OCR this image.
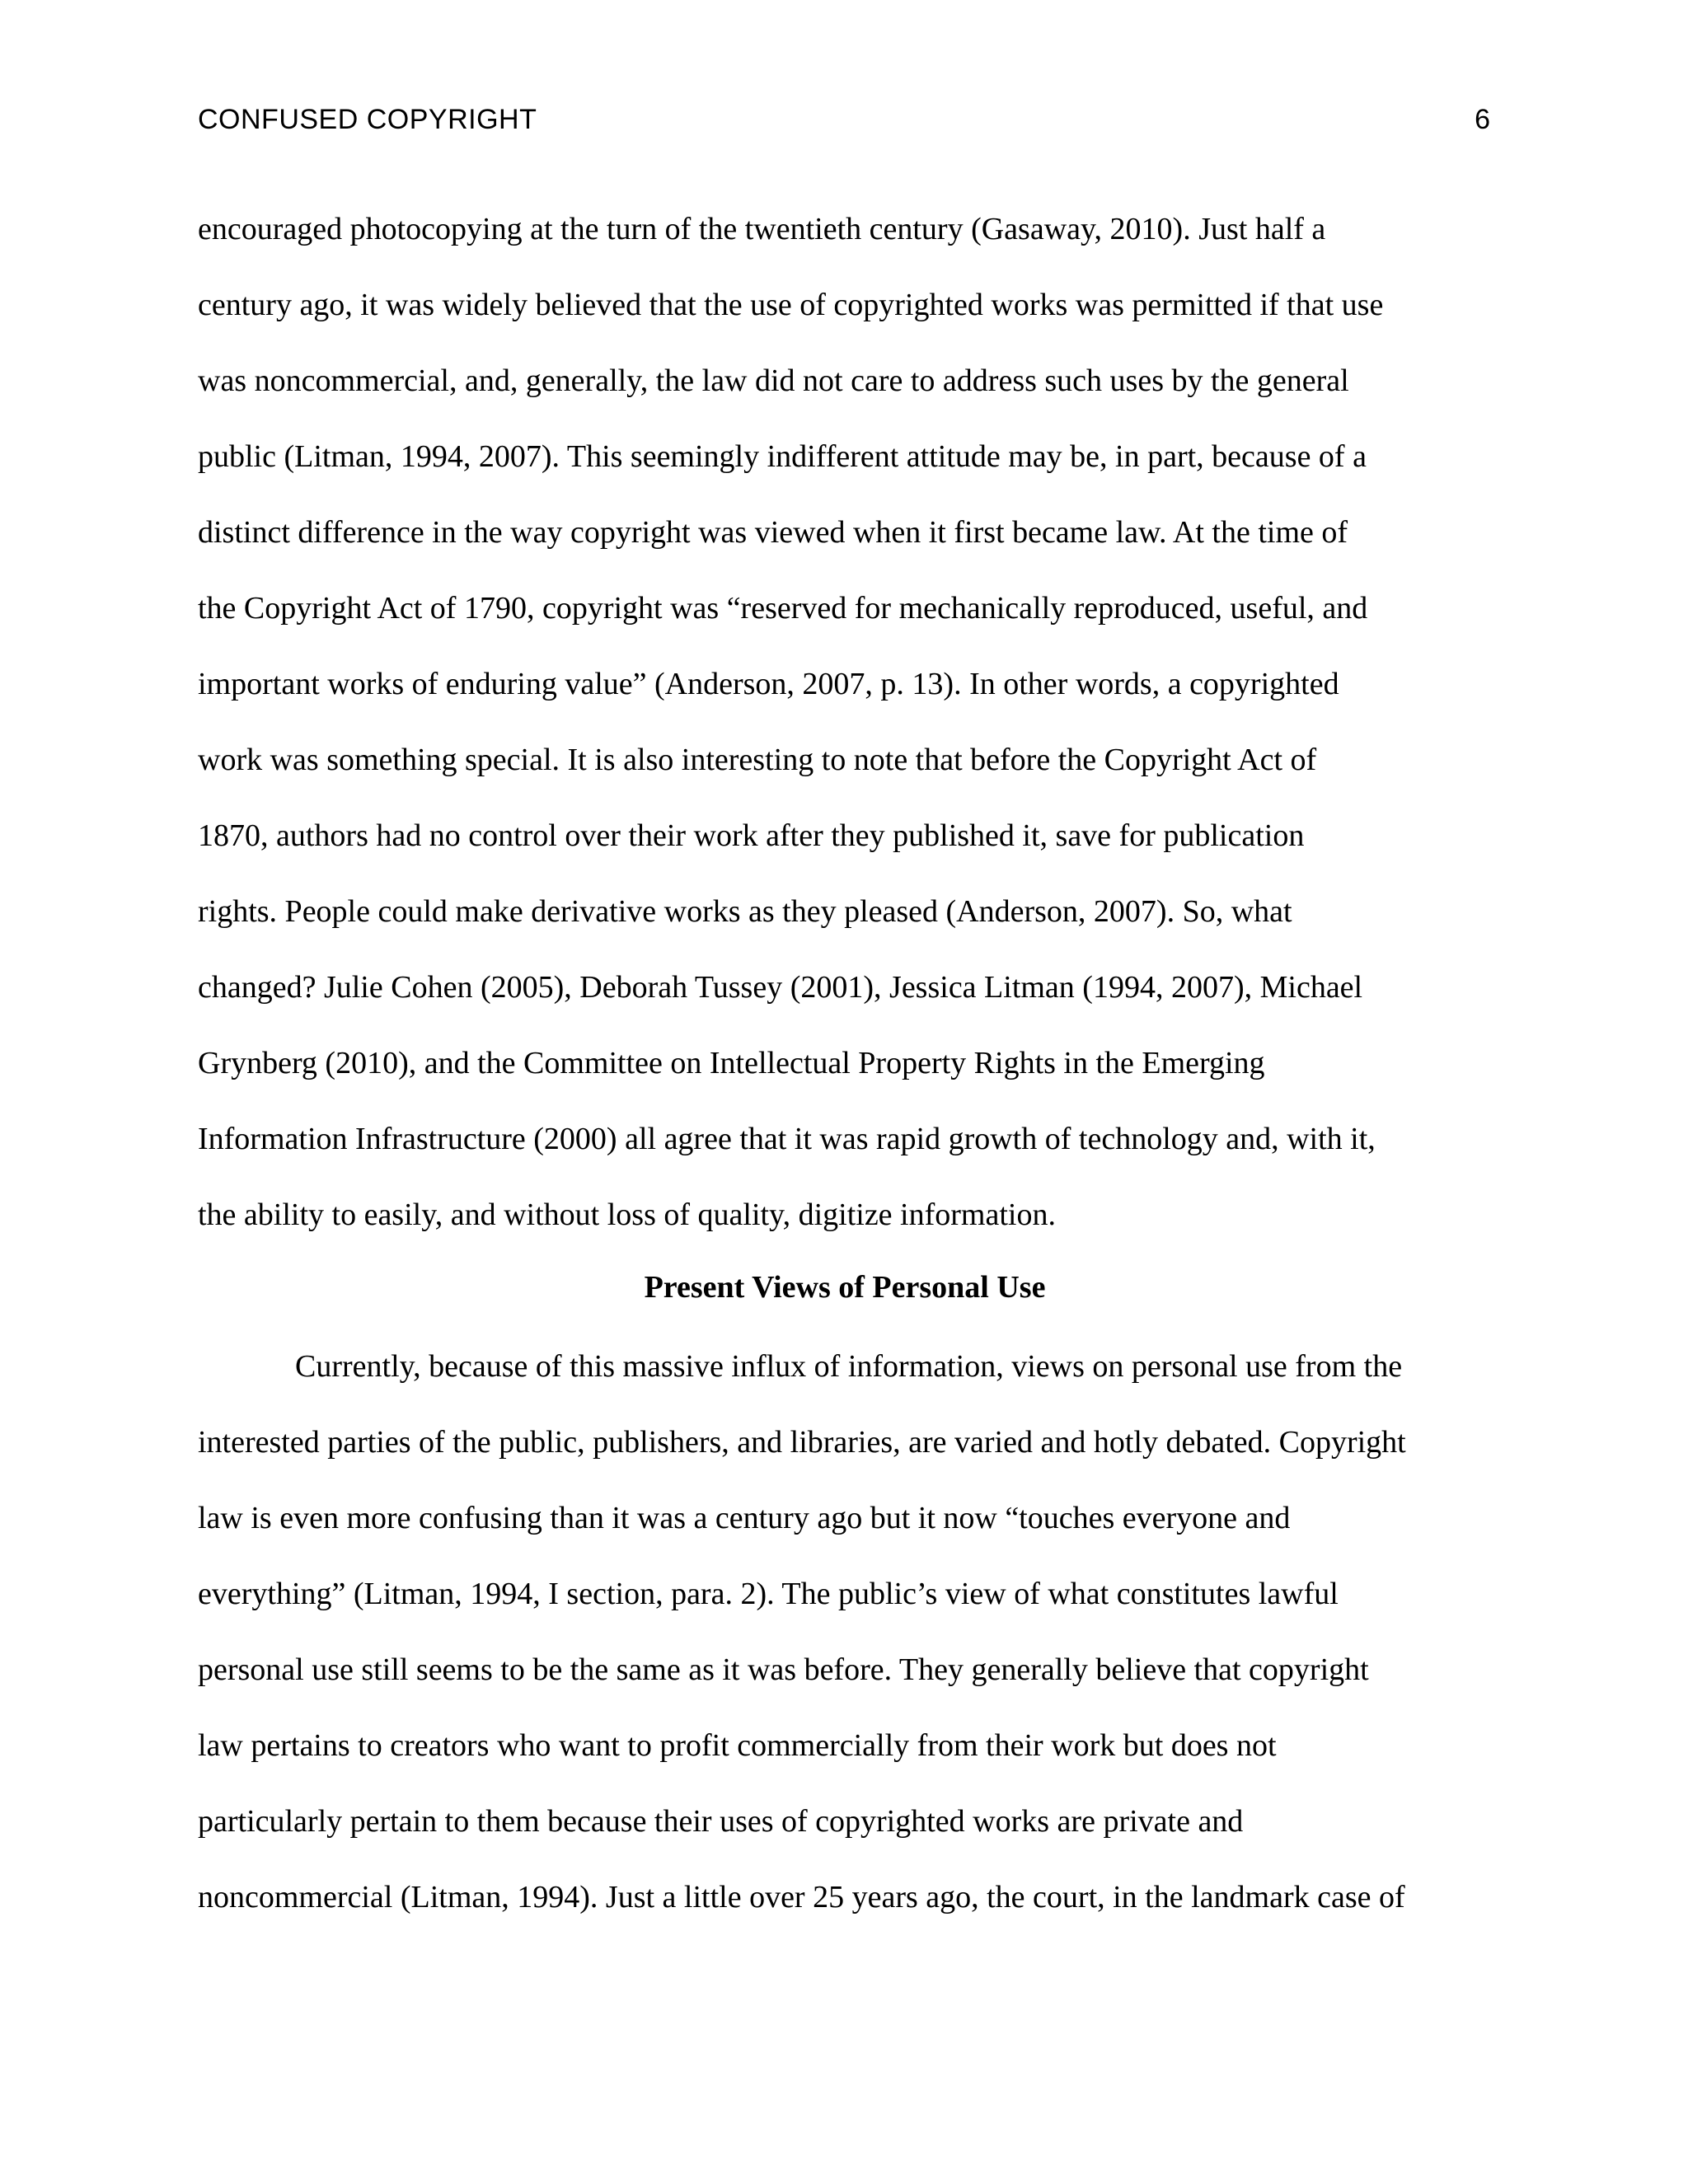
CONFUSED COPYRIGHT	6
encouraged photocopying at the turn of the twentieth century (Gasaway, 2010). Just half a
century ago, it was widely believed that the use of copyrighted works was permitted if that use
was noncommercial, and, generally, the law did not care to address such uses by the general
public (Litman, 1994, 2007). This seemingly indifferent attitude may be, in part, because of a
distinct difference in the way copyright was viewed when it first became law. At the time of
the Copyright Act of 1790, copyright was “reserved for mechanically reproduced, useful, and
important works of enduring value” (Anderson, 2007, p. 13). In other words, a copyrighted
work was something special. It is also interesting to note that before the Copyright Act of
1870, authors had no control over their work after they published it, save for publication
rights. People could make derivative works as they pleased (Anderson, 2007). So, what
changed? Julie Cohen (2005), Deborah Tussey (2001), Jessica Litman (1994, 2007), Michael
Grynberg (2010), and the Committee on Intellectual Property Rights in the Emerging
Information Infrastructure (2000) all agree that it was rapid growth of technology and, with it,
the ability to easily, and without loss of quality, digitize information.
Present Views of Personal Use
Currently, because of this massive influx of information, views on personal use from the
interested parties of the public, publishers, and libraries, are varied and hotly debated. Copyright
law is even more confusing than it was a century ago but it now “touches everyone and
everything” (Litman, 1994, I section, para. 2). The public’s view of what constitutes lawful
personal use still seems to be the same as it was before. They generally believe that copyright
law pertains to creators who want to profit commercially from their work but does not
particularly pertain to them because their uses of copyrighted works are private and
noncommercial (Litman, 1994). Just a little over 25 years ago, the court, in the landmark case of
